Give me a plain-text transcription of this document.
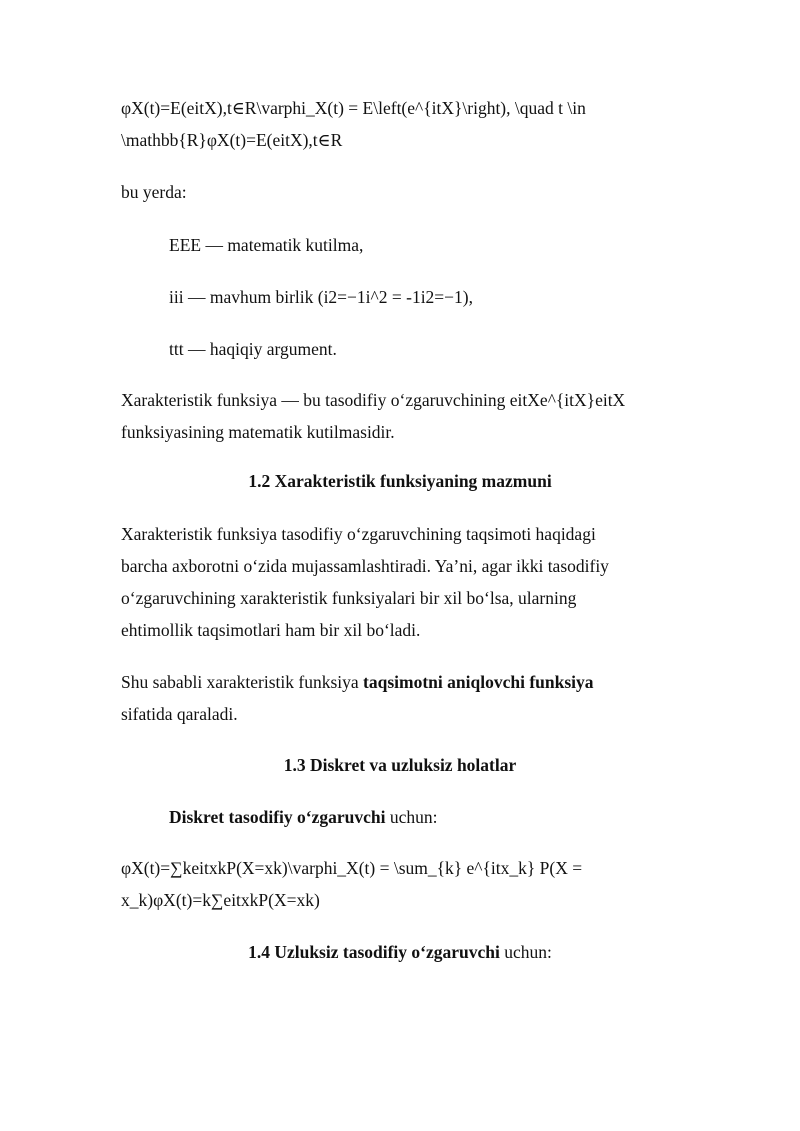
φX(t)=E(eitX),t∈R\varphi_X(t) = E\left(e^{itX}\right), \quad t \in

\mathbb{R}φX(t)=E(eitX),t∈R

bu yerda:

EEE — matematik kutilma,

iii — mavhum birlik (i2=−1i^2 = -1i2=−1),

ttt — haqiqiy argument.

Xarakteristik funksiya — bu tasodifiy o‘zgaruvchining eitXe^{itX}eitX

funksiyasining matematik kutilmasidir.

1.2 Xarakteristik funksiyaning mazmuni

Xarakteristik funksiya tasodifiy o‘zgaruvchining taqsimoti haqidagi

barcha axborotni o‘zida mujassamlashtiradi. Ya’ni, agar ikki tasodifiy

o‘zgaruvchining xarakteristik funksiyalari bir xil bo‘lsa, ularning

ehtimollik taqsimotlari ham bir xil bo‘ladi.

Shu sababli xarakteristik funksiya taqsimotni aniqlovchi funksiya

sifatida qaraladi.

1.3 Diskret va uzluksiz holatlar

Diskret tasodifiy o‘zgaruvchi uchun:

φX(t)=∑keitxkP(X=xk)\varphi_X(t) = \sum_{k} e^{itx_k} P(X =

x_k)φX(t)=k∑eitxkP(X=xk)

1.4 Uzluksiz tasodifiy o‘zgaruvchi uchun:
